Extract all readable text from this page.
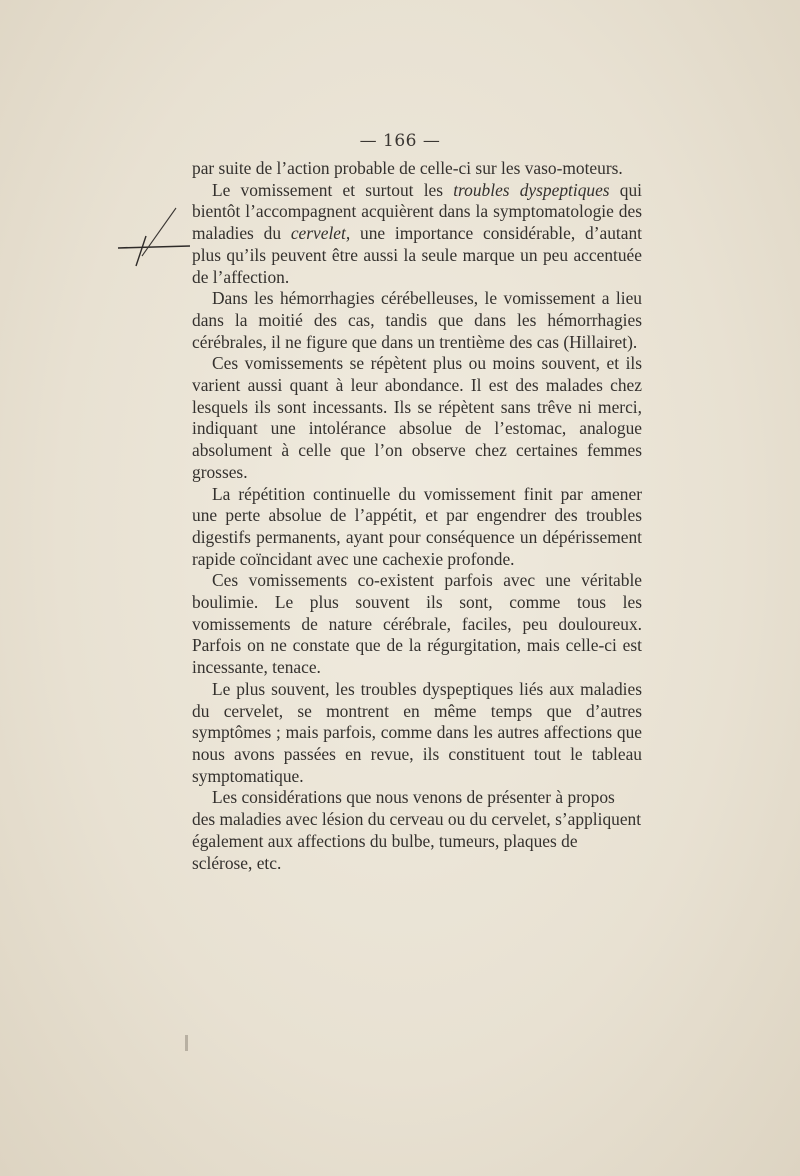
— 166 —

par suite de l’action probable de celle-ci sur les vaso-moteurs.

Le vomissement et surtout les troubles dyspeptiques qui bientôt l’accompagnent acquièrent dans la symptomatologie des maladies du cervelet, une importance considérable, d’autant plus qu’ils peuvent être aussi la seule marque un peu accentuée de l’affection.

Dans les hémorrhagies cérébelleuses, le vomissement a lieu dans la moitié des cas, tandis que dans les hémorrhagies cérébrales, il ne figure que dans un trentième des cas (Hillairet).

Ces vomissements se répètent plus ou moins souvent, et ils varient aussi quant à leur abondance. Il est des malades chez lesquels ils sont incessants. Ils se répètent sans trêve ni merci, indiquant une intolérance absolue de l’estomac, analogue absolument à celle que l’on observe chez certaines femmes grosses.

La répétition continuelle du vomissement finit par amener une perte absolue de l’appétit, et par engendrer des troubles digestifs permanents, ayant pour conséquence un dépérissement rapide coïncidant avec une cachexie profonde.

Ces vomissements co-existent parfois avec une véritable boulimie. Le plus souvent ils sont, comme tous les vomissements de nature cérébrale, faciles, peu douloureux. Parfois on ne constate que de la régurgitation, mais celle-ci est incessante, tenace.

Le plus souvent, les troubles dyspeptiques liés aux maladies du cervelet, se montrent en même temps que d’autres symptômes ; mais parfois, comme dans les autres affections que nous avons passées en revue, ils constituent tout le tableau symptomatique.

Les considérations que nous venons de présenter à propos des maladies avec lésion du cerveau ou du cervelet, s’appliquent également aux affections du bulbe, tumeurs, plaques de sclérose, etc.
